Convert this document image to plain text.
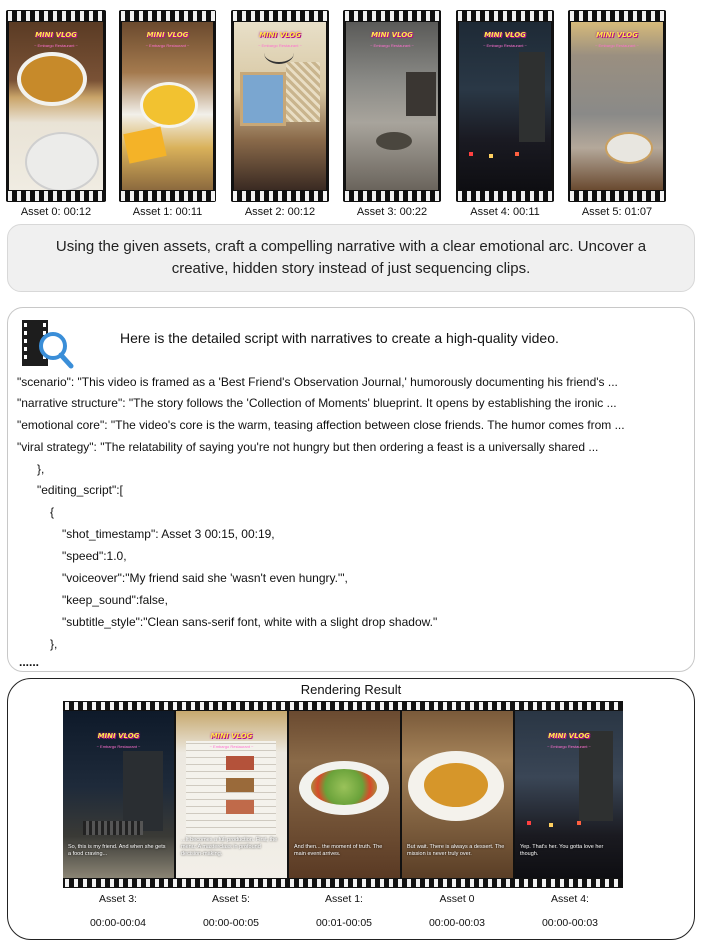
MINI VLOG
~ Embargo Restaurant ~
Asset 0: 00:12
MINI VLOG
~ Embargo Restaurant ~
Asset 1: 00:11
MINI VLOG
~ Embargo Restaurant ~
Asset 2: 00:12
MINI VLOG
~ Embargo Restaurant ~
Asset 3: 00:22
MINI VLOG
~ Embargo Restaurant ~
Asset 4: 00:11
MINI VLOG
~ Embargo Restaurant ~
Asset 5: 01:07
Using the given assets, craft a compelling narrative with a clear emotional arc. Uncover a creative, hidden story instead of just sequencing clips.
Here is the detailed script with narratives to create a high-quality video.
"scenario": "This video is framed as a 'Best Friend's Observation Journal,' humorously documenting his friend's ...
"narrative structure": "The story follows the 'Collection of Moments' blueprint. It opens by establishing the ironic ...
"emotional core": "The video's core is the warm, teasing affection between close friends. The humor comes from ...
"viral strategy": "The relatability of saying you're not hungry but then ordering a feast is a universally shared ...
},
"editing_script":[
{
"shot_timestamp": Asset 3 00:15, 00:19,
"speed":1.0,
"voiceover":"My friend said she 'wasn't even hungry.'",
"keep_sound":false,
"subtitle_style":"Clean sans-serif font, white with a slight drop shadow."
},
......
Rendering Result
MINI VLOG
~ Embargo Restaurant ~
So, this is my friend. And when she gets a food craving...
MINI VLOG
~ Embargo Restaurant ~
...It becomes a full production. First, the menu: A masterclass in profound decision-making.
And then... the moment of truth. The main event arrives.
But wait. There is always a dessert. The mission is never truly over.
MINI VLOG
~ Embargo Restaurant ~
Yep. That's her. You gotta love her though.
Asset 3:
00:00-00:04
Asset 5:
00:00-00:05
Asset 1:
00:01-00:05
Asset 0
00:00-00:03
Asset 4:
00:00-00:03
